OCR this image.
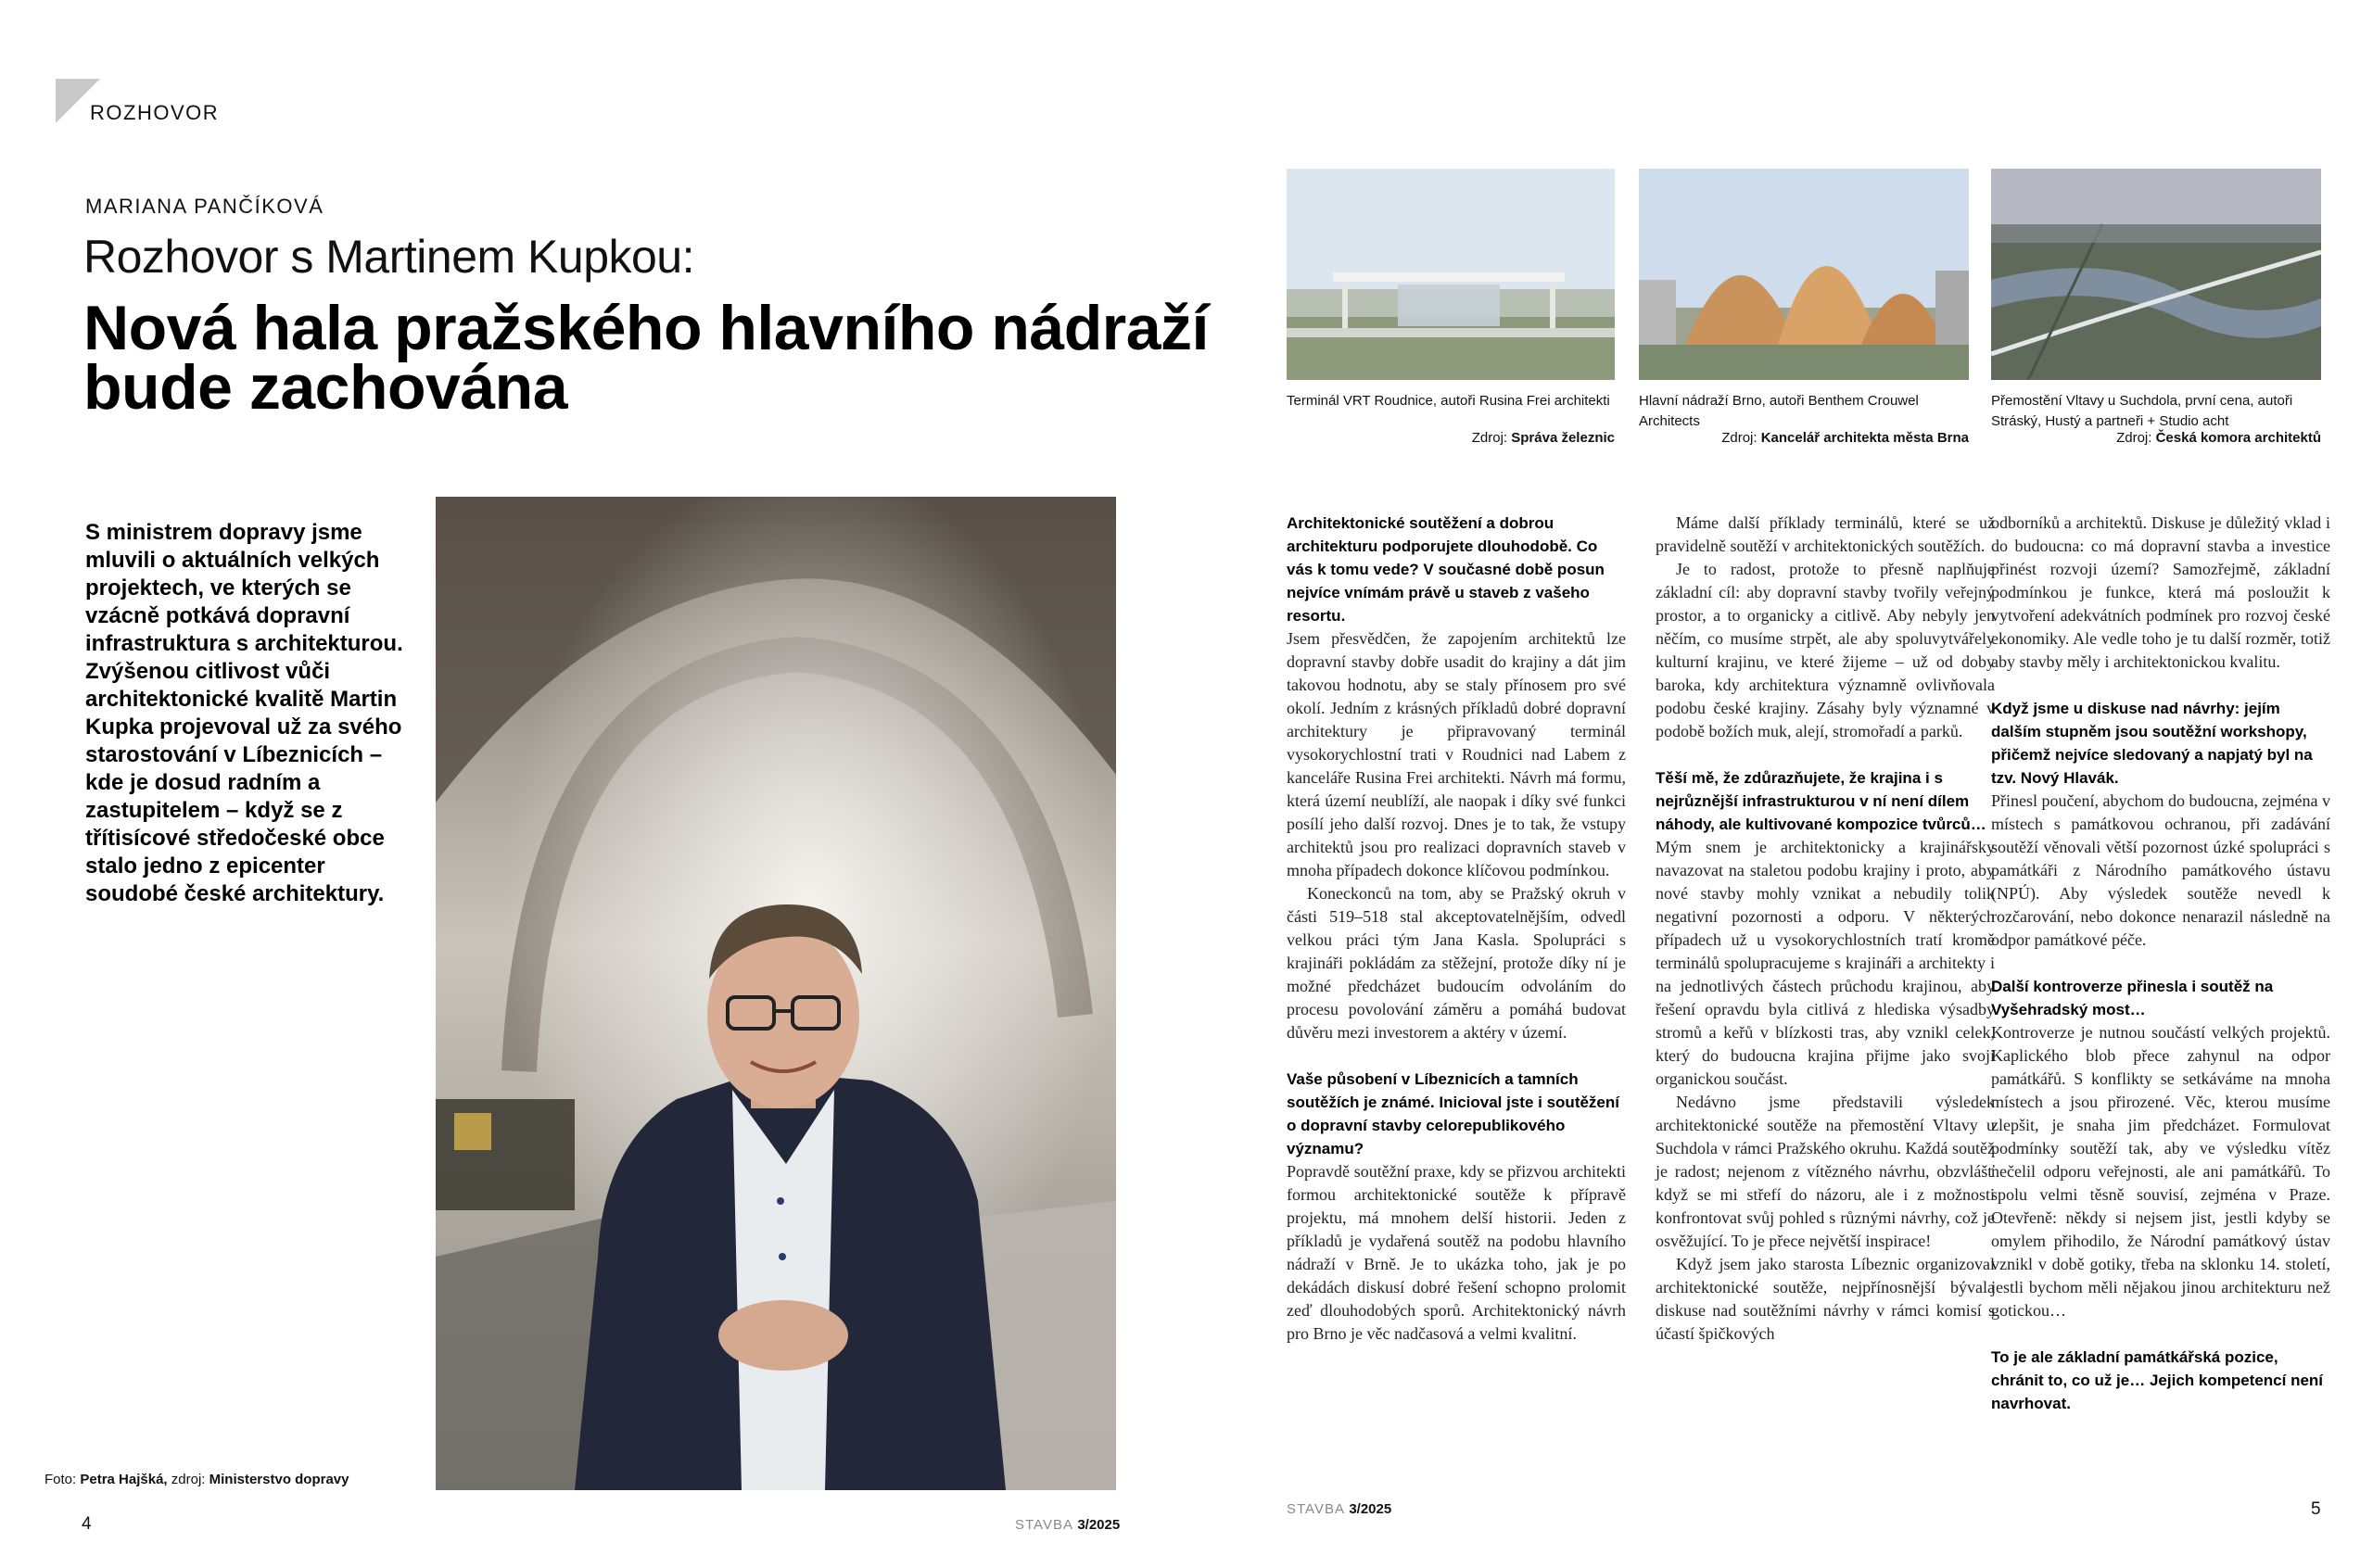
ROZHOVOR
MARIANA PANČÍKOVÁ
Rozhovor s Martinem Kupkou:
Nová hala pražského hlavního nádraží bude zachována
S ministrem dopravy jsme mluvili o aktuálních velkých projektech, ve kterých se vzácně potkává dopravní infrastruktura s architekturou. Zvýšenou citlivost vůči architektonické kvalitě Martin Kupka projevoval už za svého starostování v Líbeznicích – kde je dosud radním a zastupitelem – když se z třítisícové středočeské obce stalo jedno z epicenter soudobé české architektury.
Foto: Petra Hajšká, zdroj: Ministerstvo dopravy
4	STAVBA 3/2025
Terminál VRT Roudnice, autoři Rusina Frei architekti
Zdroj: Správa železnic
Hlavní nádraží Brno, autoři Benthem Crouwel Architects
Zdroj: Kancelář architekta města Brna
Přemostění Vltavy u Suchdola, první cena, autoři Stráský, Hustý a partneři + Studio acht
Zdroj: Česká komora architektů
Architektonické soutěžení a dobrou architekturu podporujete dlouhodobě. Co vás k tomu vede? V současné době posun nejvíce vnímám právě u staveb z vašeho resortu.

Jsem přesvědčen, že zapojením architektů lze dopravní stavby dobře usadit do krajiny a dát jim takovou hodnotu, aby se staly přínosem pro své okolí. Jedním z krásných příkladů dobré dopravní architektury je připravovaný terminál vysokorychlostní trati v Roudnici nad Labem z kanceláře Rusina Frei architekti. Návrh má formu, která území neublíží, ale naopak i díky své funkci posílí jeho další rozvoj. Dnes je to tak, že vstupy architektů jsou pro realizaci dopravních staveb v mnoha případech dokonce klíčovou podmínkou.

Koneckonců na tom, aby se Pražský okruh v části 519–518 stal akceptovatelnějším, odvedl velkou práci tým Jana Kasla. Spolupráci s krajináři pokládám za stěžejní, protože díky ní je možné předcházet budoucím odvoláním do procesu povolování záměru a pomáhá budovat důvěru mezi investorem a aktéry v území.

Vaše působení v Líbeznicích a tamních soutěžích je známé. Inicioval jste i soutěžení o dopravní stavby celorepublikového významu?

Popravdě soutěžní praxe, kdy se přizvou architekti formou architektonické soutěže k přípravě projektu, má mnohem delší historii. Jeden z příkladů je vydařená soutěž na podobu hlavního nádraží v Brně. Je to ukázka toho, jak je po dekádách diskusí dobré řešení schopno prolomit zeď dlouhodobých sporů. Architektonický návrh pro Brno je věc nadčasová a velmi kvalitní.

Máme další příklady terminálů, které se už pravidelně soutěží v architektonických soutěžích.

Je to radost, protože to přesně naplňuje základní cíl: aby dopravní stavby tvořily veřejný prostor, a to organicky a citlivě. Aby nebyly jen něčím, co musíme strpět, ale aby spoluvytvářely kulturní krajinu, ve které žijeme – už od doby baroka, kdy architektura významně ovlivňovala podobu české krajiny. Zásahy byly významné v podobě božích muk, alejí, stromořadí a parků.

Těší mě, že zdůrazňujete, že krajina i s nejrůznější infrastrukturou v ní není dílem náhody, ale kultivované kompozice tvůrců…

Mým snem je architektonicky a krajinářsky navazovat na staletou podobu krajiny i proto, aby nové stavby mohly vznikat a nebudily tolik negativní pozornosti a odporu. V některých případech už u vysokorychlostních tratí kromě terminálů spolupracujeme s krajináři a architekty i na jednotlivých částech průchodu krajinou, aby řešení opravdu byla citlivá z hlediska výsadby stromů a keřů v blízkosti tras, aby vznikl celek, který do budoucna krajina přijme jako svoji organickou součást.

Nedávno jsme představili výsledek architektonické soutěže na přemostění Vltavy u Suchdola v rámci Pražského okruhu. Každá soutěž je radost; nejenom z vítězného návrhu, obzvlášť když se mi střefí do názoru, ale i z možnosti konfrontovat svůj pohled s různými návrhy, což je osvěžující. To je přece největší inspirace!

Když jsem jako starosta Líbeznic organizoval architektonické soutěže, nejpřínosnější bývala diskuse nad soutěžními návrhy v rámci komisí s účastí špičkových

odborníků a architektů. Diskuse je důležitý vklad i do budoucna: co má dopravní stavba a investice přinést rozvoji území? Samozřejmě, základní podmínkou je funkce, která má posloužit k vytvoření adekvátních podmínek pro rozvoj české ekonomiky. Ale vedle toho je tu další rozměr, totiž aby stavby měly i architektonickou kvalitu.

Když jsme u diskuse nad návrhy: jejím dalším stupněm jsou soutěžní workshopy, přičemž nejvíce sledovaný a napjatý byl na tzv. Nový Hlavák.

Přinesl poučení, abychom do budoucna, zejména v místech s památkovou ochranou, při zadávání soutěží věnovali větší pozornost úzké spolupráci s památkáři z Národního památkového ústavu (NPÚ). Aby výsledek soutěže nevedl k rozčarování, nebo dokonce nenarazil následně na odpor památkové péče.

Další kontroverze přinesla i soutěž na Vyšehradský most…

Kontroverze je nutnou součástí velkých projektů. Kaplického blob přece zahynul na odpor památkářů. S konflikty se setkáváme na mnoha místech a jsou přirozené. Věc, kterou musíme zlepšit, je snaha jim předcházet. Formulovat podmínky soutěží tak, aby ve výsledku vítěz nečelil odporu veřejnosti, ale ani památkářů. To spolu velmi těsně souvisí, zejména v Praze. Otevřeně: někdy si nejsem jist, jestli kdyby se omylem přihodilo, že Národní památkový ústav vznikl v době gotiky, třeba na sklonku 14. století, jestli bychom měli nějakou jinou architekturu než gotickou…

To je ale základní památkářská pozice, chránit to, co už je… Jejich kompetencí není navrhovat.
STAVBA 3/2025	5
